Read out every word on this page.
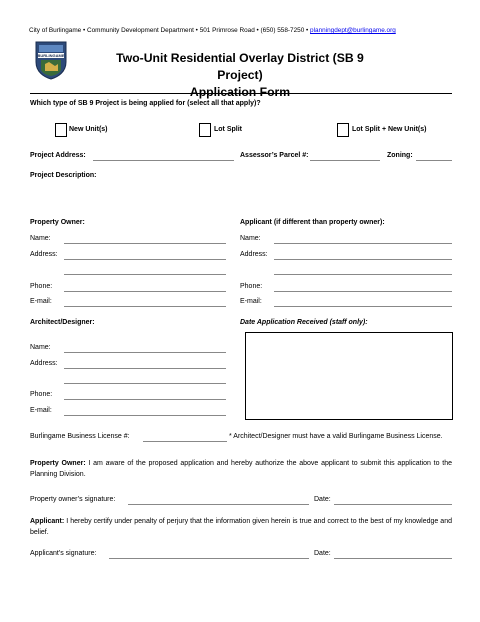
City of Burlingame • Community Development Department • 501 Primrose Road • (650) 558-7250 • planningdept@burlingame.org
BURLINGAME	Two-Unit Residential Overlay District (SB 9 Project)
Application Form
Which type of SB 9 Project is being applied for (select all that apply)?
New Unit(s)	Lot Split	Lot Split + New Unit(s)
Project Address:	Assessor’s Parcel #:	Zoning:
Project Description:
Property Owner:
Name:
Address:
Phone:
E-mail:
Applicant (if different than property owner):
Name:
Address:
Phone:
E-mail:
Architect/Designer:
Name:
Address:
Phone:
E-mail:
Date Application Received (staff only):
Burlingame Business License #:	* Architect/Designer must have a valid Burlingame Business License.
Property Owner: I am aware of the proposed application and hereby authorize the above applicant to submit this application to the Planning Division.
Property owner’s signature:	Date:
Applicant: I hereby certify under penalty of perjury that the information given herein is true and correct to the best of my knowledge and belief.
Applicant’s signature:	Date:
